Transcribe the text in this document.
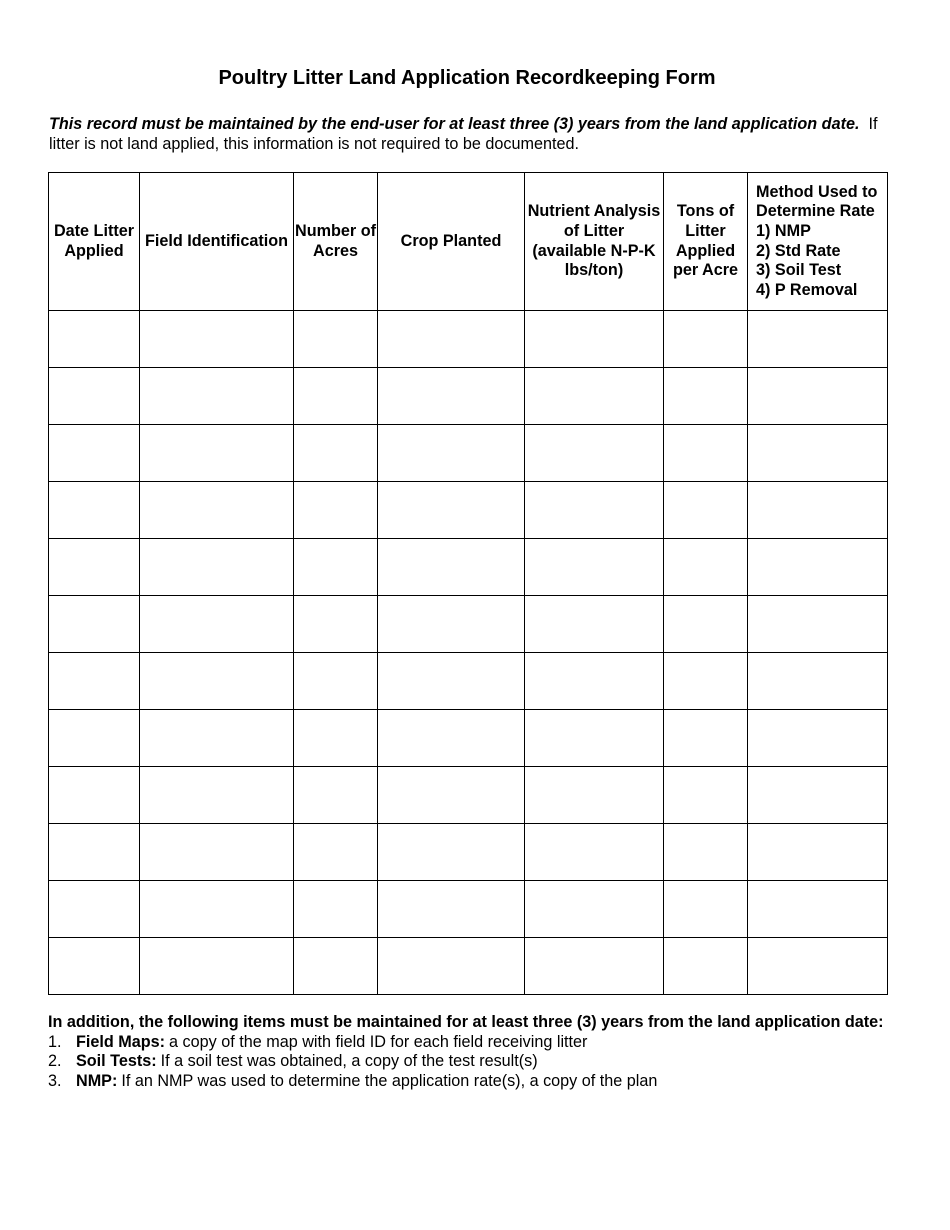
Poultry Litter Land Application Recordkeeping Form
This record must be maintained by the end-user for at least three (3) years from the land application date. If litter is not land applied, this information is not required to be documented.
Date Litter Applied	Field Identification	Number of Acres	Crop Planted	Nutrient Analysis of Litter (available N-P-K lbs/ton)	Tons of Litter Applied per Acre	Method Used to Determine Rate
1) NMP
2) Std Rate
3) Soil Test
4) P Removal

In addition, the following items must be maintained for at least three (3) years from the land application date:
1. Field Maps: a copy of the map with field ID for each field receiving litter
2. Soil Tests: If a soil test was obtained, a copy of the test result(s)
3. NMP: If an NMP was used to determine the application rate(s), a copy of the plan
